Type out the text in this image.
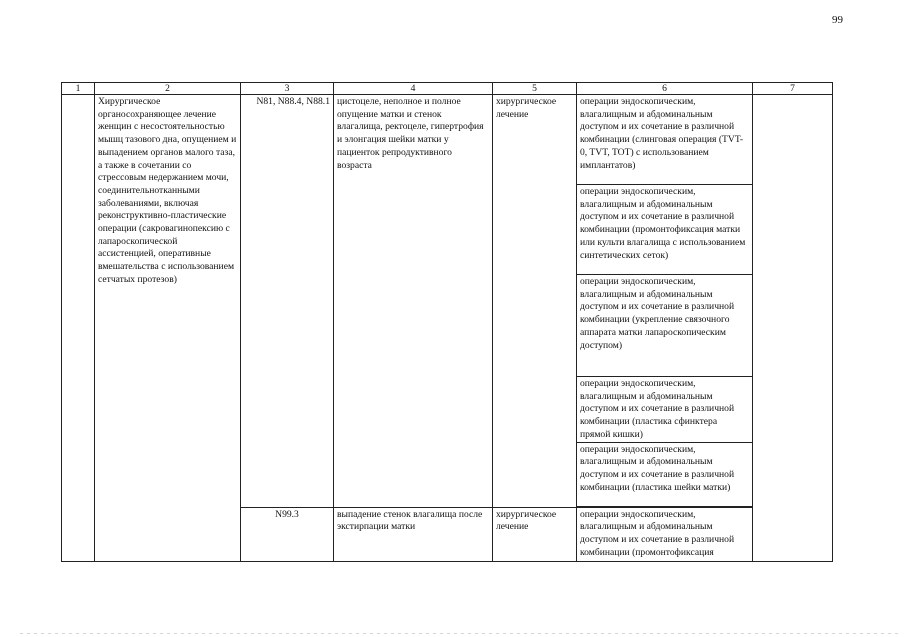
99
1	2	3	4	5	6	7
	Хирургическое органосохраняющее лечение женщин с несостоятельностью мышц тазового дна, опущением и выпадением органов малого таза, а также в сочетании со стрессовым недержанием мочи, соединительнотканными заболеваниями, включая реконструктивно-пластические операции (сакровагинопексию с лапароскопической ассистенцией, оперативные вмешательства с использованием сетчатых протезов)	N81, N88.4, N88.1	цистоцеле, неполное и полное опущение матки и стенок влагалища, ректоцеле, гипертрофия и элонгация шейки матки у пациенток репродуктивного возраста	хирургическое лечение	операции эндоскопическим, влагалищным и абдоминальным доступом и их сочетание в различной комбинации (слинговая операция (TVT-0, TVT, TOT) с использованием имплантатов)	
					операции эндоскопическим, влагалищным и абдоминальным доступом и их сочетание в различной комбинации (промонтофиксация матки или культи влагалища с использованием синтетических сеток)	
					операции эндоскопическим, влагалищным и абдоминальным доступом и их сочетание в различной комбинации (укрепление связочного аппарата матки лапароскопическим доступом)	
					операции эндоскопическим, влагалищным и абдоминальным доступом и их сочетание в различной комбинации (пластика сфинктера прямой кишки)	
					операции эндоскопическим, влагалищным и абдоминальным доступом и их сочетание в различной комбинации (пластика шейки матки)	

		N99.3	выпадение стенок влагалища после экстирпации матки	хирургическое лечение	операции эндоскопическим, влагалищным и абдоминальным доступом и их сочетание в различной комбинации (промонтофиксация	
